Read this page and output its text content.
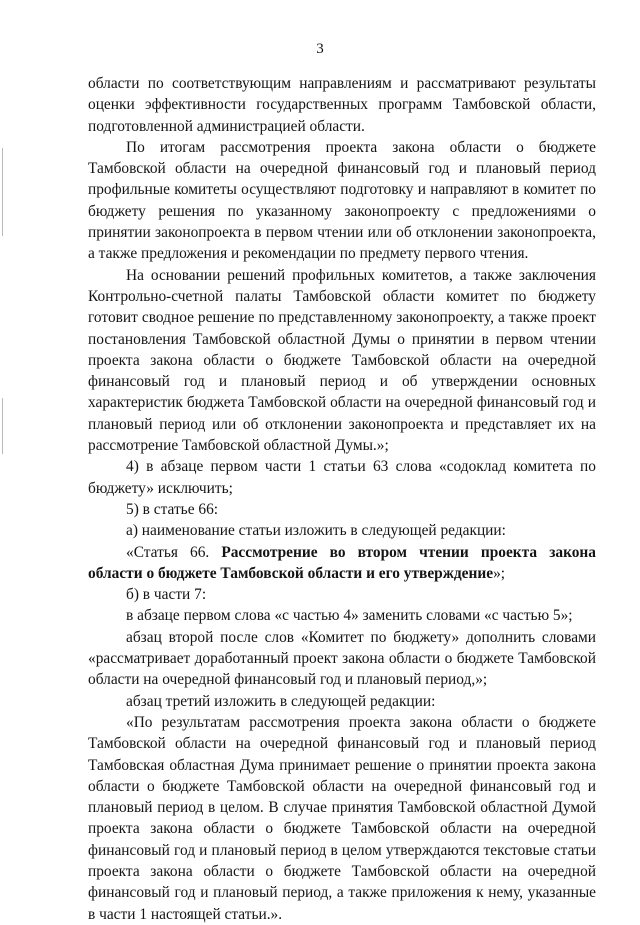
3

области по соответствующим направлениям и рассматривают результаты оценки эффективности государственных программ Тамбовской области, подготовленной администрацией области.

По итогам рассмотрения проекта закона области о бюджете Тамбовской области на очередной финансовый год и плановый период профильные комитеты осуществляют подготовку и направляют в комитет по бюджету решения по указанному законопроекту с предложениями о принятии законопроекта в первом чтении или об отклонении законопроекта, а также предложения и рекомендации по предмету первого чтения.

На основании решений профильных комитетов, а также заключения Контрольно-счетной палаты Тамбовской области комитет по бюджету готовит сводное решение по представленному законопроекту, а также проект постановления Тамбовской областной Думы о принятии в первом чтении проекта закона области о бюджете Тамбовской области на очередной финансовый год и плановый период и об утверждении основных характеристик бюджета Тамбовской области на очередной финансовый год и плановый период или об отклонении законопроекта и представляет их на рассмотрение Тамбовской областной Думы.»;

4) в абзаце первом части 1 статьи 63 слова «содоклад комитета по бюджету» исключить;

5) в статье 66:

а) наименование статьи изложить в следующей редакции:

«Статья 66. Рассмотрение во втором чтении проекта закона области о бюджете Тамбовской области и его утверждение»;

б) в части 7:

в абзаце первом слова «с частью 4» заменить словами «с частью 5»;

абзац второй после слов «Комитет по бюджету» дополнить словами «рассматривает доработанный проект закона области о бюджете Тамбовской области на очередной финансовый год и плановый период,»;

абзац третий изложить в следующей редакции:

«По результатам рассмотрения проекта закона области о бюджете Тамбовской области на очередной финансовый год и плановый период Тамбовская областная Дума принимает решение о принятии проекта закона области о бюджете Тамбовской области на очередной финансовый год и плановый период в целом. В случае принятия Тамбовской областной Думой проекта закона области о бюджете Тамбовской области на очередной финансовый год и плановый период в целом утверждаются текстовые статьи проекта закона области о бюджете Тамбовской области на очередной финансовый год и плановый период, а также приложения к нему, указанные в части 1 настоящей статьи.».
